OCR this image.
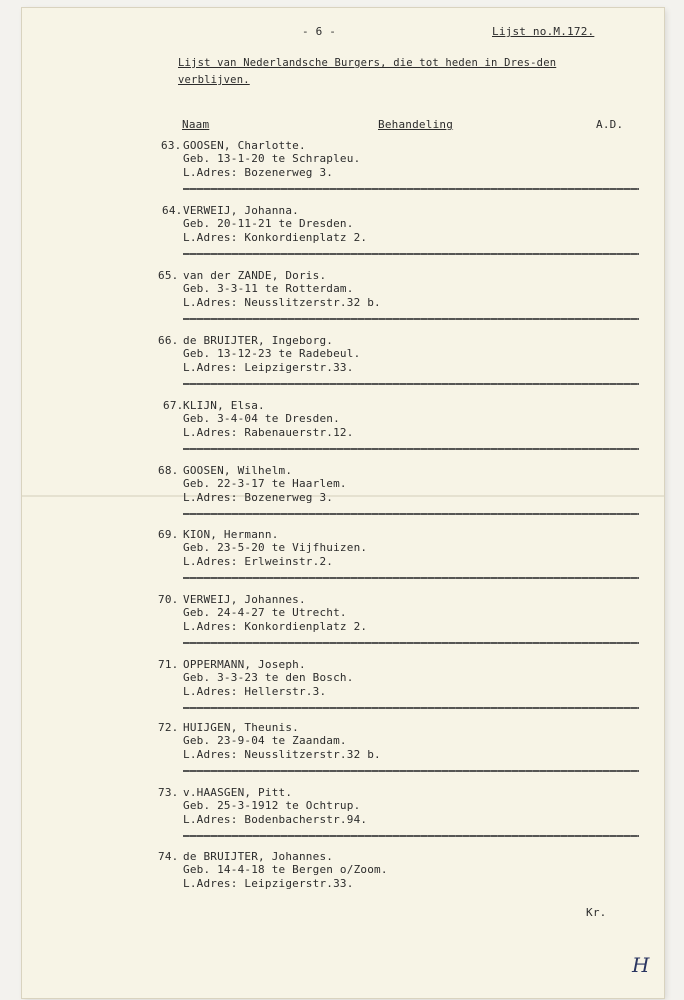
- 6 -	Lijst no.M.172.
Lijst van Nederlandsche Burgers, die tot heden in Dres-den verblijven.
Naam	Behandeling	A.D.
63. GOOSEN, Charlotte.
Geb. 13-1-20 te Schrapleu.
L.Adres: Bozenerweg 3.
64. VERWEIJ, Johanna.
Geb. 20-11-21 te Dresden.
L.Adres: Konkordienplatz 2.
65. van der ZANDE, Doris.
Geb. 3-3-11 te Rotterdam.
L.Adres: Neusslitzerstr.32 b.
66. de BRUIJTER, Ingeborg.
Geb. 13-12-23 te Radebeul.
L.Adres: Leipzigerstr.33.
67. KLIJN, Elsa.
Geb. 3-4-04 te Dresden.
L.Adres: Rabenauerstr.12.
68. GOOSEN, Wilhelm.
Geb. 22-3-17 te Haarlem.
L.Adres: Bozenerweg 3.
69. KION, Hermann.
Geb. 23-5-20 te Vijfhuizen.
L.Adres: Erlweinstr.2.
70. VERWEIJ, Johannes.
Geb. 24-4-27 te Utrecht.
L.Adres: Konkordienplatz 2.
71. OPPERMANN, Joseph.
Geb. 3-3-23 te den Bosch.
L.Adres: Hellerstr.3.
72. HUIJGEN, Theunis.
Geb. 23-9-04 te Zaandam.
L.Adres: Neusslitzerstr.32 b.
73. v.HAASGEN, Pitt.
Geb. 25-3-1912 te Ochtrup.
L.Adres: Bodenbacherstr.94.
74. de BRUIJTER, Johannes.
Geb. 14-4-18 te Bergen o/Zoom.
L.Adres: Leipzigerstr.33.
Kr.
H
